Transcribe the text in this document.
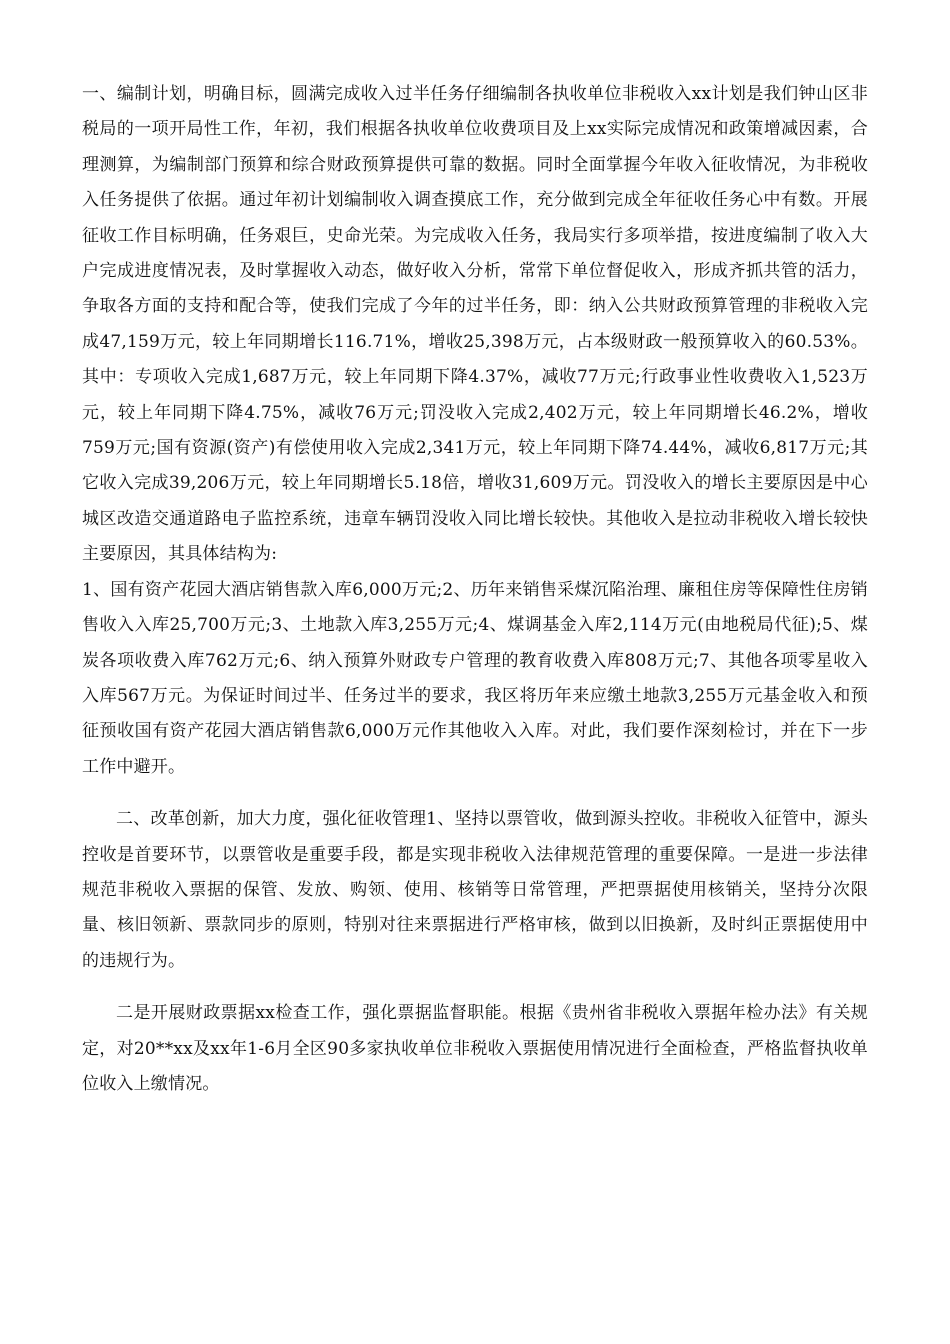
一、编制计划，明确目标，圆满完成收入过半任务仔细编制各执收单位非税收入xx计划是我们钟山区非税局的一项开局性工作，年初，我们根据各执收单位收费项目及上xx实际完成情况和政策增减因素，合理测算，为编制部门预算和综合财政预算提供可靠的数据。同时全面掌握今年收入征收情况，为非税收入任务提供了依据。通过年初计划编制收入调查摸底工作，充分做到完成全年征收任务心中有数。开展征收工作目标明确，任务艰巨，史命光荣。为完成收入任务，我局实行多项举措，按进度编制了收入大户完成进度情况表，及时掌握收入动态，做好收入分析，常常下单位督促收入，形成齐抓共管的活力，争取各方面的支持和配合等，使我们完成了今年的过半任务，即：纳入公共财政预算管理的非税收入完成47,159万元，较上年同期增长116.71%，增收25,398万元，占本级财政一般预算收入的60.53%。其中：专项收入完成1,687万元，较上年同期下降4.37%，减收77万元;行政事业性收费收入1,523万元，较上年同期下降4.75%，减收76万元;罚没收入完成2,402万元，较上年同期增长46.2%，增收759万元;国有资源(资产)有偿使用收入完成2,341万元，较上年同期下降74.44%，减收6,817万元;其它收入完成39,206万元，较上年同期增长5.18倍，增收31,609万元。罚没收入的增长主要原因是中心城区改造交通道路电子监控系统，违章车辆罚没收入同比增长较快。其他收入是拉动非税收入增长较快主要原因，其具体结构为:

1、国有资产花园大酒店销售款入库6,000万元;2、历年来销售采煤沉陷治理、廉租住房等保障性住房销售收入入库25,700万元;3、土地款入库3,255万元;4、煤调基金入库2,114万元(由地税局代征);5、煤炭各项收费入库762万元;6、纳入预算外财政专户管理的教育收费入库808万元;7、其他各项零星收入入库567万元。为保证时间过半、任务过半的要求，我区将历年来应缴土地款3,255万元基金收入和预征预收国有资产花园大酒店销售款6,000万元作其他收入入库。对此，我们要作深刻检讨，并在下一步工作中避开。

二、改革创新，加大力度，强化征收管理1、坚持以票管收，做到源头控收。非税收入征管中，源头控收是首要环节，以票管收是重要手段，都是实现非税收入法律规范管理的重要保障。一是进一步法律规范非税收入票据的保管、发放、购领、使用、核销等日常管理，严把票据使用核销关，坚持分次限量、核旧领新、票款同步的原则，特别对往来票据进行严格审核，做到以旧换新，及时纠正票据使用中的违规行为。

二是开展财政票据xx检查工作，强化票据监督职能。根据《贵州省非税收入票据年检办法》有关规定，对20**xx及xx年1-6月全区90多家执收单位非税收入票据使用情况进行全面检查，严格监督执收单位收入上缴情况。
